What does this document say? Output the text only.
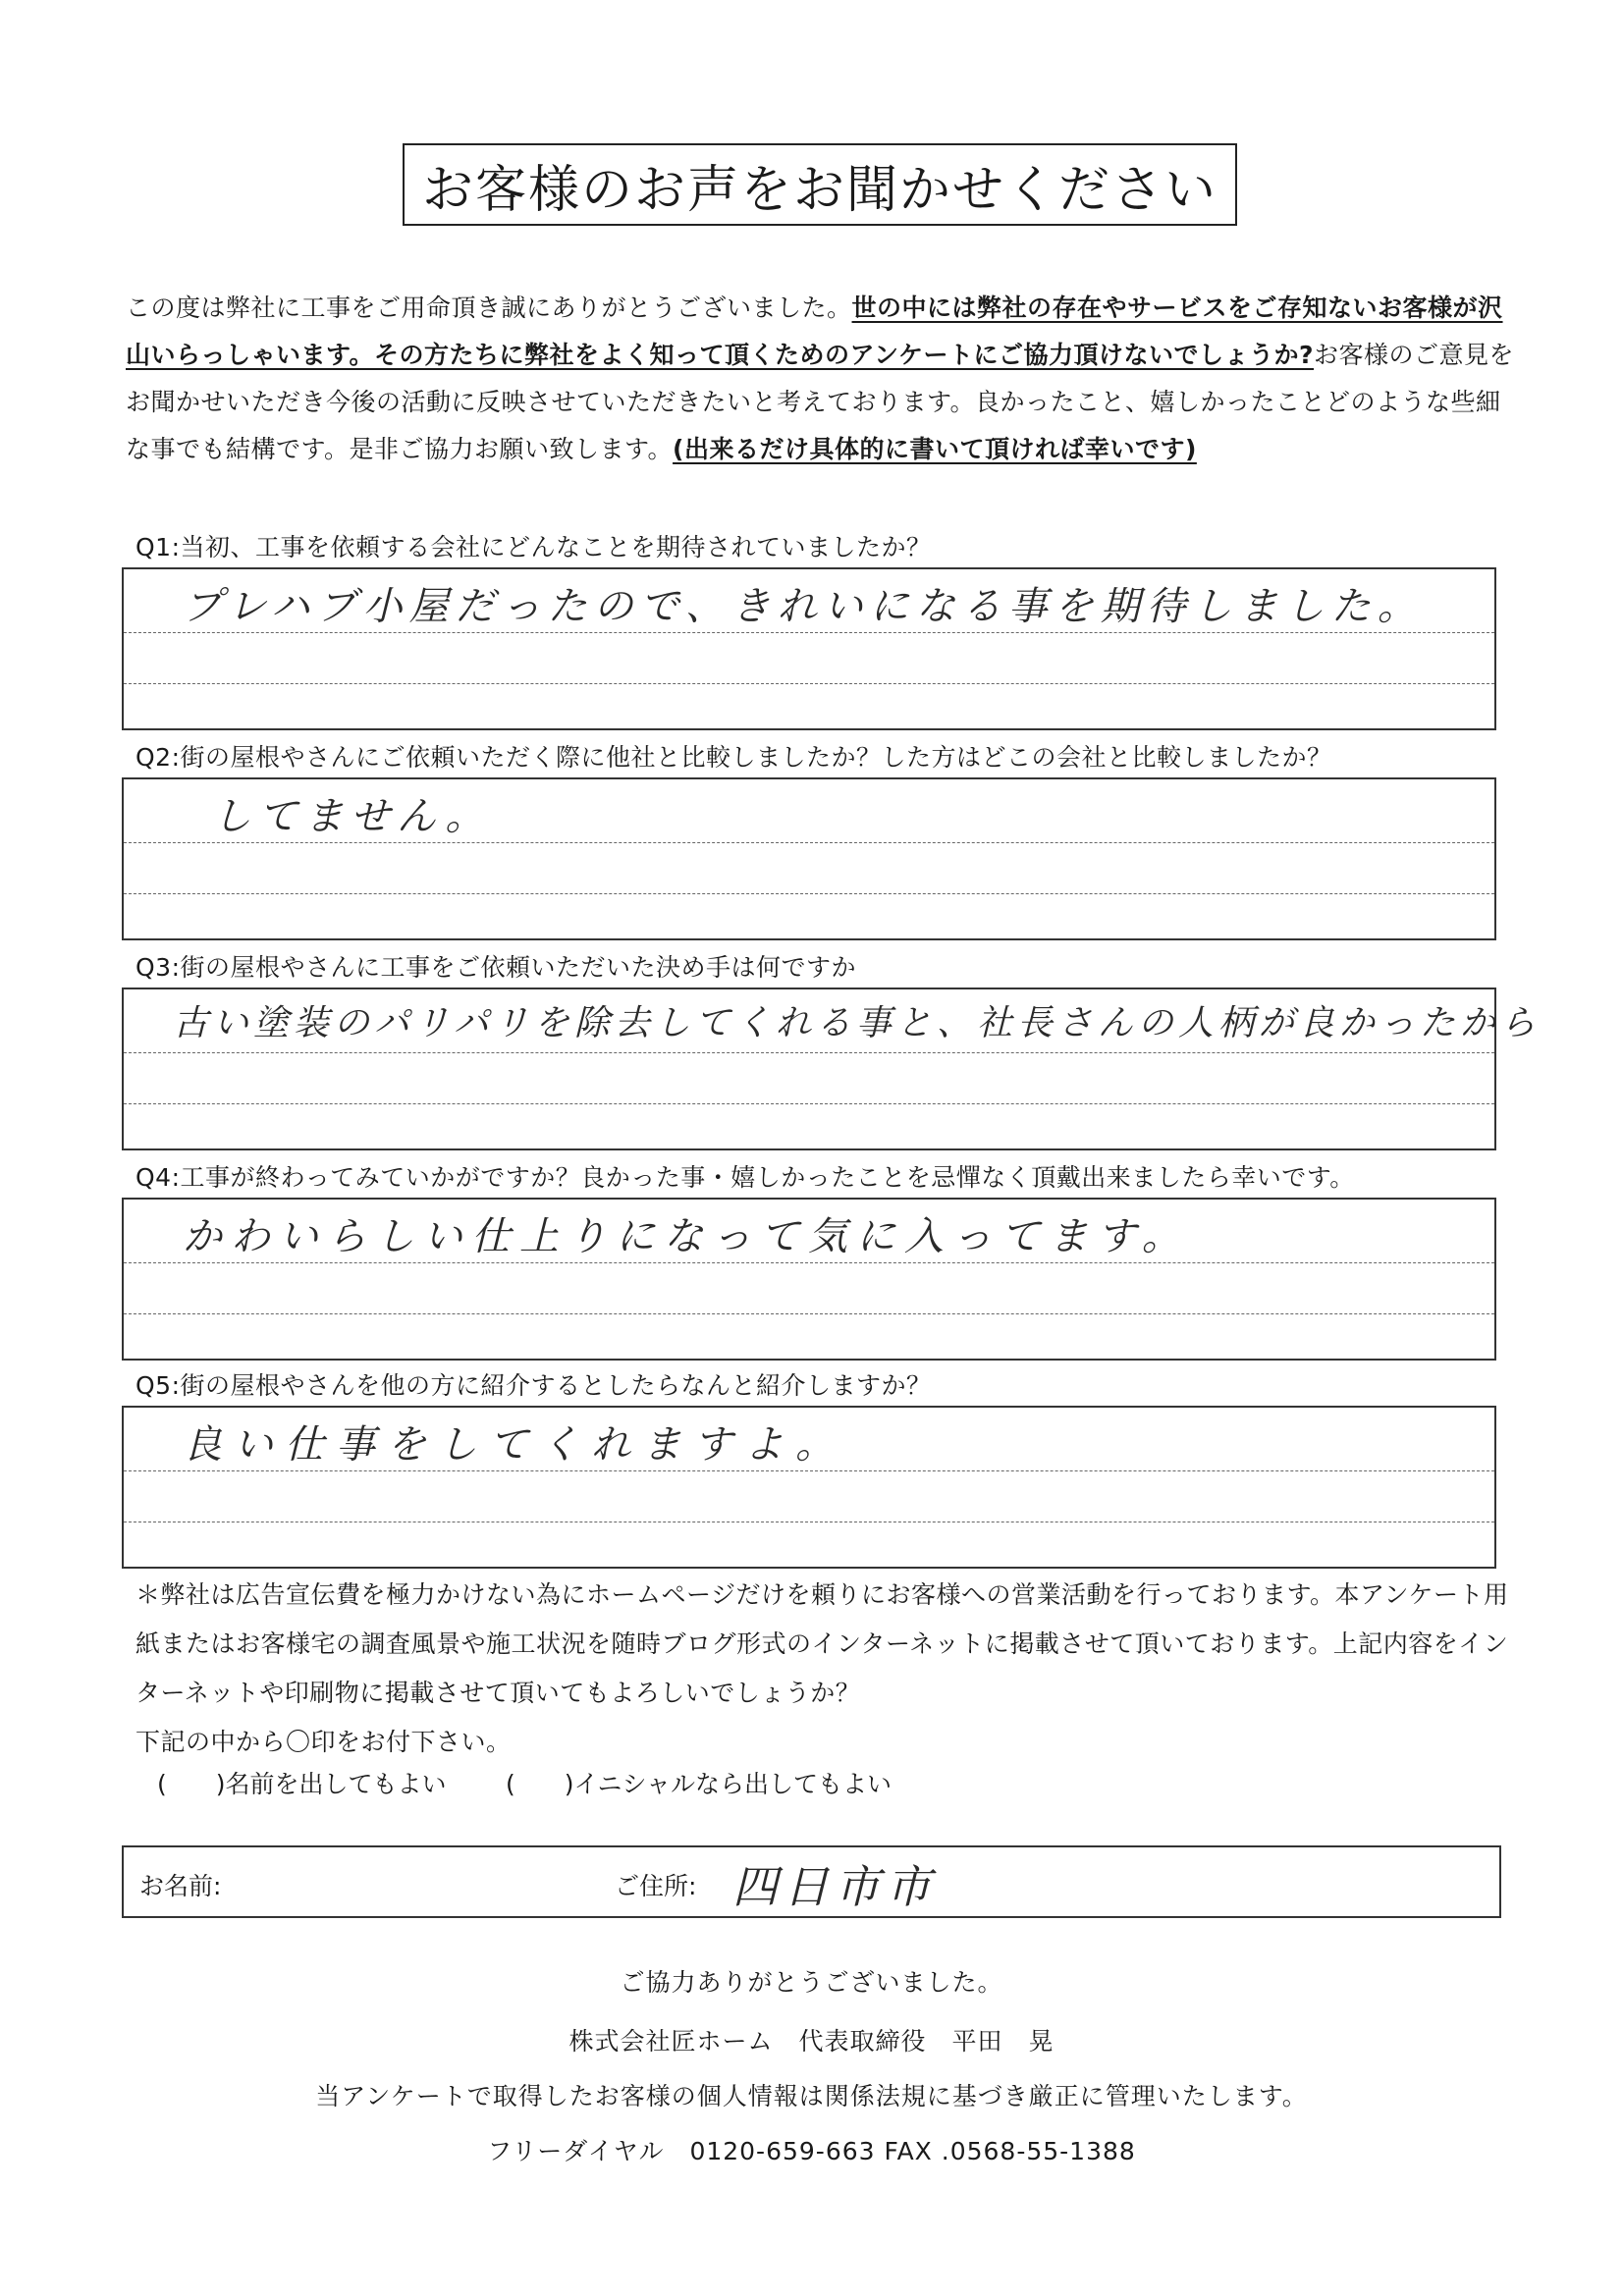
お客様のお声をお聞かせください
この度は弊社に工事をご用命頂き誠にありがとうございました。世の中には弊社の存在やサービスをご存知ないお客様が沢山いらっしゃいます。その方たちに弊社をよく知って頂くためのアンケートにご協力頂けないでしょうか?お客様のご意見をお聞かせいただき今後の活動に反映させていただきたいと考えております。良かったこと、嬉しかったことどのような些細な事でも結構です。是非ご協力お願い致します。(出来るだけ具体的に書いて頂ければ幸いです)
Q1:当初、工事を依頼する会社にどんなことを期待されていましたか？
プレハブ小屋だったので、きれいになる事を期待しました。
Q2:街の屋根やさんにご依頼いただく際に他社と比較しましたか？した方はどこの会社と比較しましたか？
してません。
Q3:街の屋根やさんに工事をご依頼いただいた決め手は何ですか
古い塗装のパリパリを除去してくれる事と、社長さんの人柄が良かったから
Q4:工事が終わってみていかがですか？良かった事・嬉しかったことを忌憚なく頂戴出来ましたら幸いです。
かわいらしい仕上りになって気に入ってます。
Q5:街の屋根やさんを他の方に紹介するとしたらなんと紹介しますか？
良い仕事をしてくれますよ。
＊弊社は広告宣伝費を極力かけない為にホームページだけを頼りにお客様への営業活動を行っております。本アンケート用紙またはお客様宅の調査風景や施工状況を随時ブログ形式のインターネットに掲載させて頂いております。上記内容をインターネットや印刷物に掲載させて頂いてもよろしいでしょうか？
下記の中から〇印をお付下さい。
(　　)名前を出してもよい (　　)イニシャルなら出してもよい
お名前:	ご住所: 四日市市
ご協力ありがとうございました。
株式会社匠ホーム　代表取締役　平田　晃
当アンケートで取得したお客様の個人情報は関係法規に基づき厳正に管理いたします。
フリーダイヤル　0120-659-663 FAX .0568-55-1388
